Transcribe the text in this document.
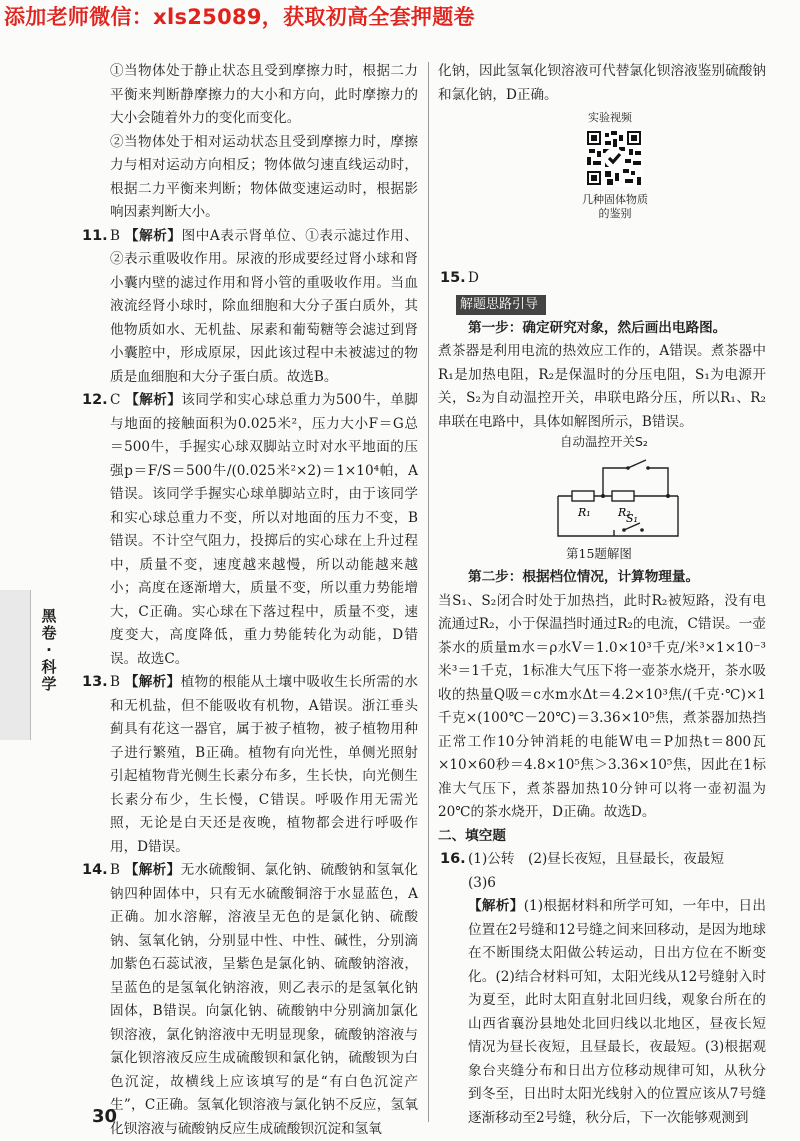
添加老师微信：xls25089，获取初高全套押题卷
黑卷·科学

①当物体处于静止状态且受到摩擦力时，根据二力平衡来判断静摩擦力的大小和方向，此时摩擦力的大小会随着外力的变化而变化。

②当物体处于相对运动状态且受到摩擦力时，摩擦力与相对运动方向相反；物体做匀速直线运动时，根据二力平衡来判断；物体做变速运动时，根据影响因素判断大小。

11. B 【解析】图中A表示肾单位、①表示滤过作用、②表示重吸收作用。尿液的形成要经过肾小球和肾小囊内壁的滤过作用和肾小管的重吸收作用。当血液流经肾小球时，除血细胞和大分子蛋白质外，其他物质如水、无机盐、尿素和葡萄糖等会滤过到肾小囊腔中，形成原尿，因此该过程中未被滤过的物质是血细胞和大分子蛋白质。故选B。
12. C 【解析】该同学和实心球总重力为500牛，单脚与地面的接触面积为0.025米²，压力大小F＝G总＝500牛，手握实心球双脚站立时对水平地面的压强p＝F/S＝500牛/(0.025米²×2)＝1×10⁴帕，A错误。该同学手握实心球单脚站立时，由于该同学和实心球总重力不变，所以对地面的压力不变，B错误。不计空气阻力，投掷后的实心球在上升过程中，质量不变，速度越来越慢，所以动能越来越小；高度在逐渐增大，质量不变，所以重力势能增大，C正确。实心球在下落过程中，质量不变，速度变大，高度降低，重力势能转化为动能，D错误。故选C。
13. B 【解析】植物的根能从土壤中吸收生长所需的水和无机盐，但不能吸收有机物，A错误。浙江垂头蓟具有花这一器官，属于被子植物，被子植物用种子进行繁殖，B正确。植物有向光性，单侧光照射引起植物背光侧生长素分布多，生长快，向光侧生长素分布少，生长慢，C错误。呼吸作用无需光照，无论是白天还是夜晚，植物都会进行呼吸作用，D错误。
14. B 【解析】无水硫酸铜、氯化钠、硫酸钠和氢氧化钠四种固体中，只有无水硫酸铜溶于水显蓝色，A正确。加水溶解，溶液呈无色的是氯化钠、硫酸钠、氢氧化钠，分别显中性、中性、碱性，分别滴加紫色石蕊试液，呈紫色是氯化钠、硫酸钠溶液，呈蓝色的是氢氧化钠溶液，则乙表示的是氢氧化钠固体，B错误。向氯化钠、硫酸钠中分别滴加氯化钡溶液，氯化钠溶液中无明显现象，硫酸钠溶液与氯化钡溶液反应生成硫酸钡和氯化钠，硫酸钡为白色沉淀，故横线上应该填写的是“有白色沉淀产生”，C正确。氢氧化钡溶液与氯化钠不反应，氢氧化钡溶液与硫酸钠反应生成硫酸钡沉淀和氢氧

化钠，因此氢氧化钡溶液可代替氯化钡溶液鉴别硫酸钠和氯化钠，D正确。

实验视频
几种固体物质的鉴别
15. D
解题思路引导

第一步：确定研究对象，然后画出电路图。

煮茶器是利用电流的热效应工作的，A错误。煮茶器中R₁是加热电阻，R₂是保温时的分压电阻，S₁为电源开关，S₂为自动温控开关，串联电路分压，所以R₁、R₂串联在电路中，具体如解图所示，B错误。

自动温控开关S₂
R₁ R₂
S₁
第15题解图

第二步：根据档位情况，计算物理量。

当S₁、S₂闭合时处于加热挡，此时R₂被短路，没有电流通过R₂，小于保温挡时通过R₂的电流，C错误。一壶茶水的质量m水＝ρ水V＝1.0×10³千克/米³×1×10⁻³米³＝1千克，1标准大气压下将一壶茶水烧开，茶水吸收的热量Q吸＝c水m水Δt＝4.2×10³焦/(千克·℃)×1千克×(100℃－20℃)＝3.36×10⁵焦，煮茶器加热挡正常工作10分钟消耗的电能W电＝P加热t＝800瓦×10×60秒＝4.8×10⁵焦＞3.36×10⁵焦，因此在1标准大气压下，煮茶器加热10分钟可以将一壶初温为20℃的茶水烧开，D正确。故选D。

二、填空题

16. (1)公转　(2)昼长夜短，且昼最长，夜最短
(3)6
【解析】(1)根据材料和所学可知，一年中，日出位置在2号缝和12号缝之间来回移动，是因为地球在不断围绕太阳做公转运动，日出方位在不断变化。(2)结合材料可知，太阳光线从12号缝射入时为夏至，此时太阳直射北回归线，观象台所在的山西省襄汾县地处北回归线以北地区，昼夜长短情况为昼长夜短，且昼最长，夜最短。(3)根据观象台夹缝分布和日出方位移动规律可知，从秋分到冬至，日出时太阳光线射入的位置应该从7号缝逐渐移动至2号缝，秋分后，下一次能够观测到
30
